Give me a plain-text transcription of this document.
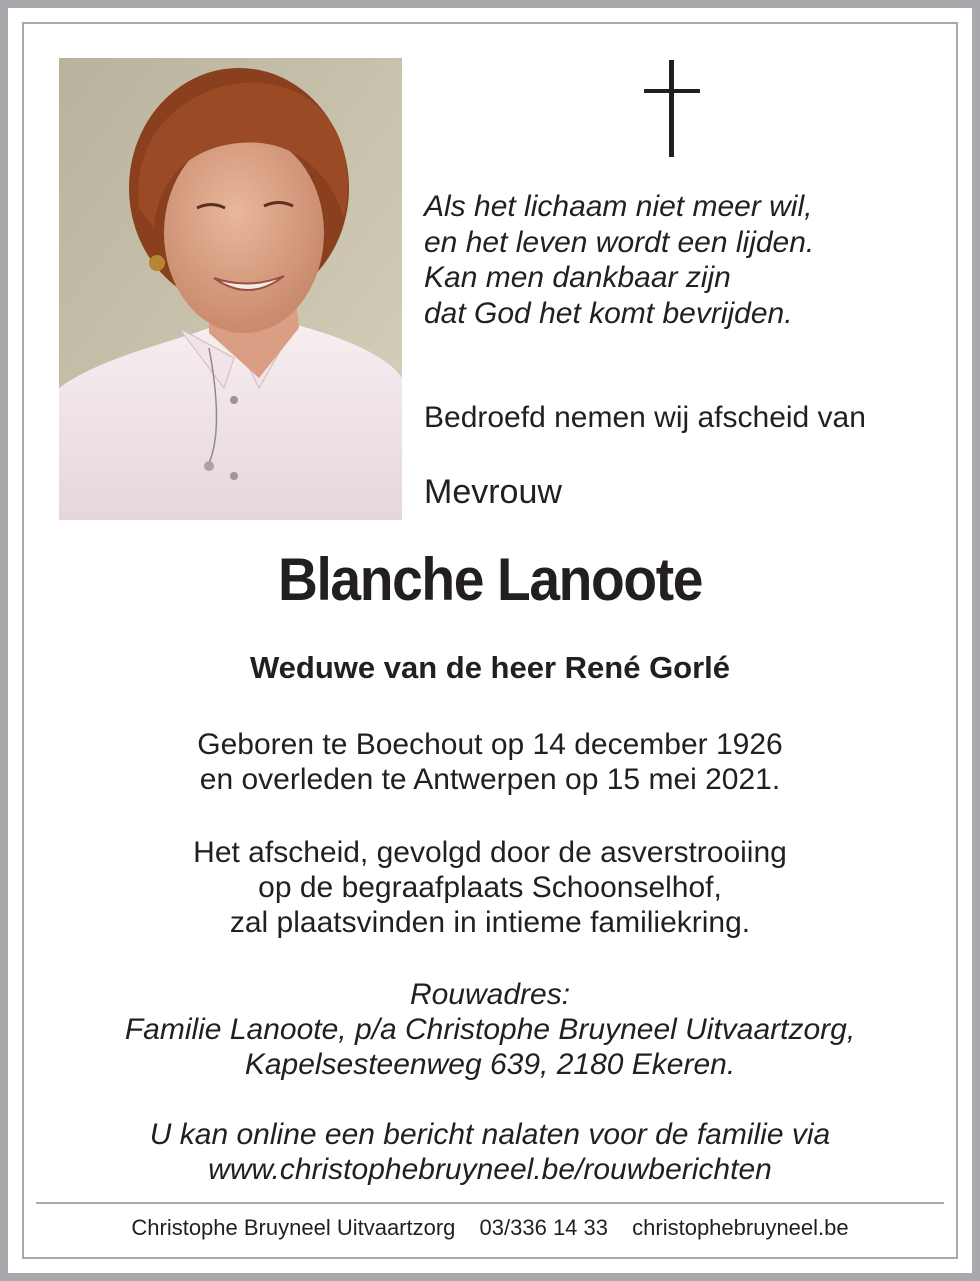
Als het lichaam niet meer wil,
en het leven wordt een lijden.
Kan men dankbaar zijn
dat God het komt bevrijden.
Bedroefd nemen wij afscheid van
Mevrouw
Blanche Lanoote
Weduwe van de heer René Gorlé
Geboren te Boechout op 14 december 1926
en overleden te Antwerpen op 15 mei 2021.
Het afscheid, gevolgd door de asverstrooiing
op de begraafplaats Schoonselhof,
zal plaatsvinden in intieme familiekring.
Rouwadres:
Familie Lanoote, p/a Christophe Bruyneel Uitvaartzorg,
Kapelsesteenweg 639, 2180 Ekeren.
U kan online een bericht nalaten voor de familie via
www.christophebruyneel.be/rouwberichten
Christophe Bruyneel Uitvaartzorg 03/336 14 33 christophebruyneel.be
